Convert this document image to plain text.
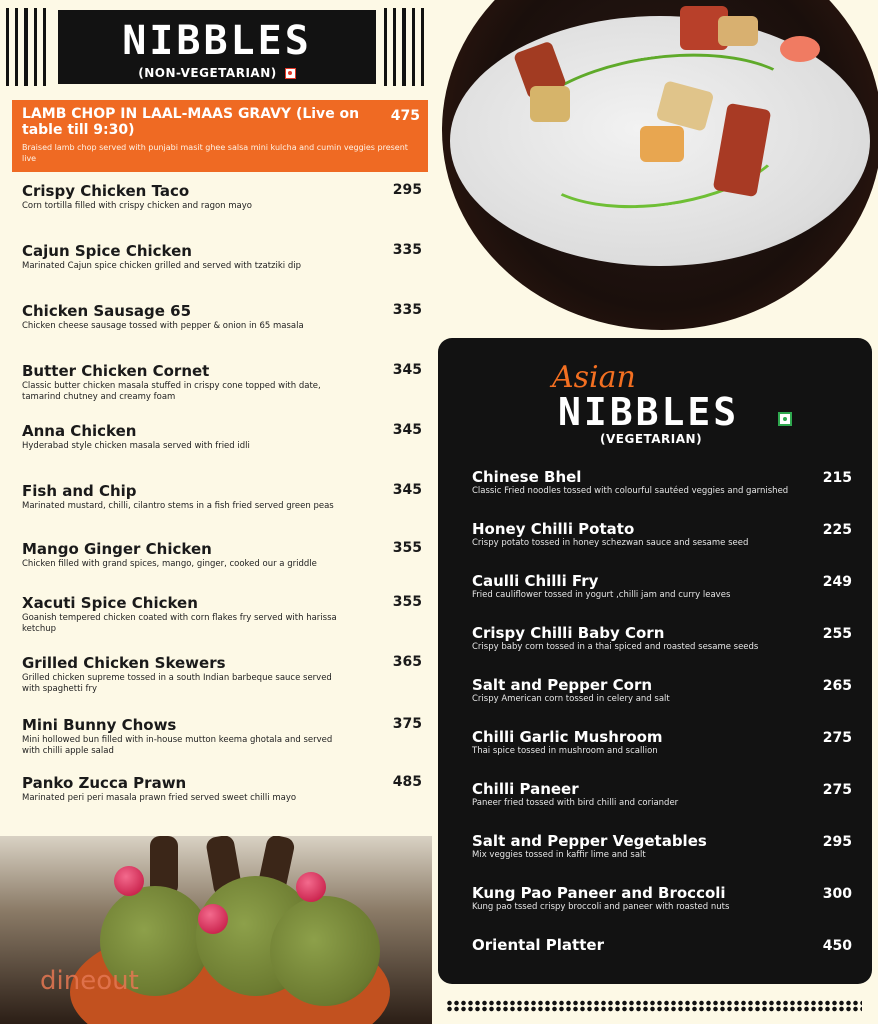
NIBBLES
(NON-VEGETARIAN)
LAMB CHOP IN LAAL-MAAS GRAVY (Live on table till 9:30)
475
Braised lamb chop served with punjabi masit ghee salsa mini kulcha and cumin veggies present live
Crispy Chicken Taco	295
Corn tortilla filled with crispy chicken and ragon mayo
Cajun Spice Chicken	335
Marinated Cajun spice chicken grilled and served with tzatziki dip
Chicken Sausage 65	335
Chicken cheese sausage tossed with pepper & onion in 65 masala
Butter Chicken Cornet	345
Classic butter chicken masala stuffed in crispy cone topped with date, tamarind chutney and creamy foam
Anna Chicken	345
Hyderabad style chicken masala served with fried idli
Fish and Chip	345
Marinated mustard, chilli, cilantro stems in a fish fried served green peas
Mango Ginger Chicken	355
Chicken filled with grand spices, mango, ginger, cooked our a griddle
Xacuti Spice Chicken	355
Goanish tempered chicken coated with corn flakes fry served with harissa ketchup
Grilled Chicken Skewers	365
Grilled chicken supreme tossed in a south Indian barbeque sauce served with spaghetti fry
Mini Bunny Chows	375
Mini hollowed bun filled with in-house mutton keema ghotala and served with chilli apple salad
Panko Zucca Prawn	485
Marinated peri peri masala prawn fried served sweet chilli mayo
Asian
NIBBLES
(VEGETARIAN)
Chinese Bhel	215
Classic Fried noodles tossed with colourful sautéed veggies and garnished
Honey Chilli Potato	225
Crispy potato tossed in honey schezwan sauce and sesame seed
Caulli Chilli Fry	249
Fried cauliflower tossed in yogurt ,chilli jam and curry leaves
Crispy Chilli Baby Corn	255
Crispy baby corn tossed in a thai spiced and roasted sesame seeds
Salt and Pepper Corn	265
Crispy American corn tossed in celery and salt
Chilli Garlic Mushroom	275
Thai spice tossed in mushroom and scallion
Chilli Paneer	275
Paneer fried tossed with bird chilli and coriander
Salt and Pepper Vegetables	295
Mix veggies tossed in kaffir lime and salt
Kung Pao Paneer and Broccoli	300
Kung pao tssed crispy broccoli and paneer with roasted nuts
Oriental Platter	450
dineout
